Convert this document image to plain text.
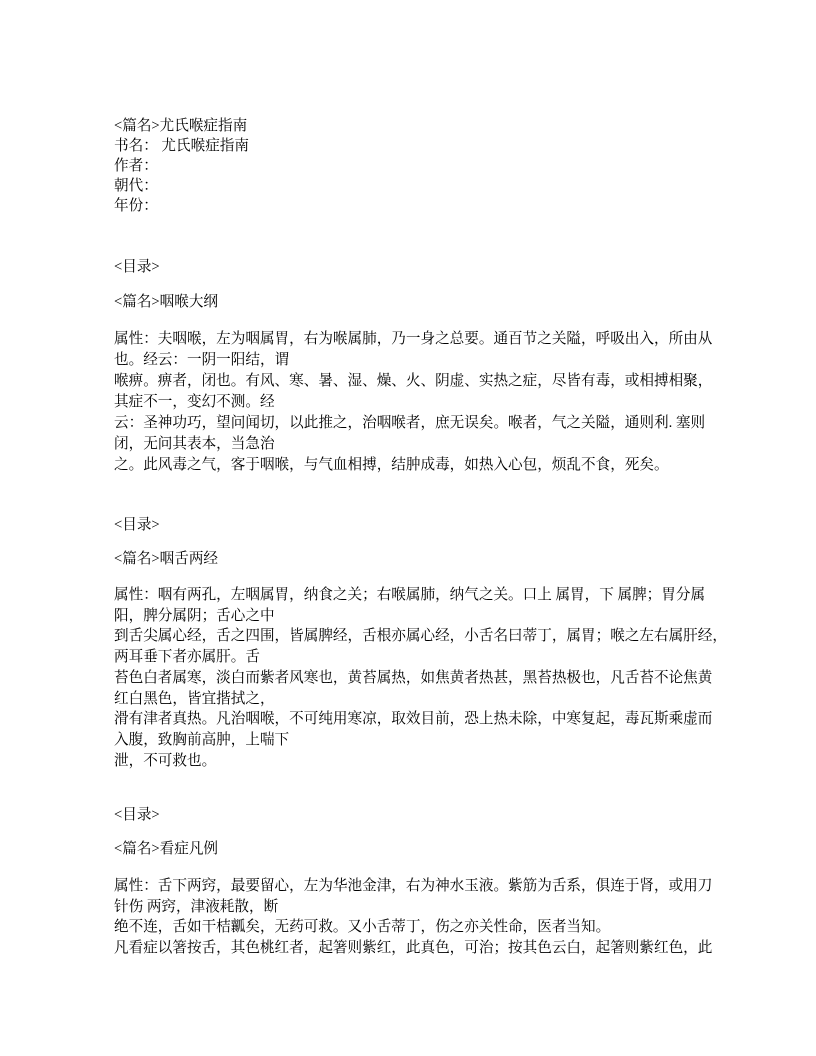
<篇名>尤氏喉症指南
书名： 尤氏喉症指南
作者：
朝代：
年份：
<目录>
<篇名>咽喉大纲
属性：夫咽喉，左为咽属胃，右为喉属肺，乃一身之总要。通百节之关隘，呼吸出入，所由从
也。经云：一阴一阳结，谓
喉痹。痹者，闭也。有风、寒、暑、湿、燥、火、阴虚、实热之症，尽皆有毒，或相搏相聚，
其症不一，变幻不测。经
云：圣神功巧，望问闻切，以此推之，治咽喉者，庶无误矣。喉者，气之关隘，通则利. 塞则
闭，无问其表本，当急治
之。此风毒之气，客于咽喉，与气血相搏，结肿成毒，如热入心包，烦乱不食，死矣。
<目录>
<篇名>咽舌两经
属性：咽有两孔，左咽属胃，纳食之关；右喉属肺，纳气之关。口上 属胃，下 属脾；胃分属
阳，脾分属阴；舌心之中
到舌尖属心经，舌之四围，皆属脾经，舌根亦属心经，小舌名曰蒂丁，属胃；喉之左右属肝经，
两耳垂下者亦属肝。舌
苔色白者属寒，淡白而紫者风寒也，黄苔属热，如焦黄者热甚，黑苔热极也，凡舌苔不论焦黄
红白黑色，皆宜揩拭之，
滑有津者真热。凡治咽喉，不可纯用寒凉，取效目前，恐上热未除，中寒复起，毒瓦斯乘虚而
入腹，致胸前高肿，上喘下
泄，不可救也。
<目录>
<篇名>看症凡例
属性：舌下两窍，最要留心，左为华池金津，右为神水玉液。紫筋为舌系，俱连于肾，或用刀
针伤 两窍，津液耗散，断
绝不连，舌如干桔瓤矣，无药可救。又小舌蒂丁，伤之亦关性命，医者当知。
凡看症以箸按舌，其色桃红者，起箸则紫红，此真色，可治；按其色云白，起箸则紫红色，此
